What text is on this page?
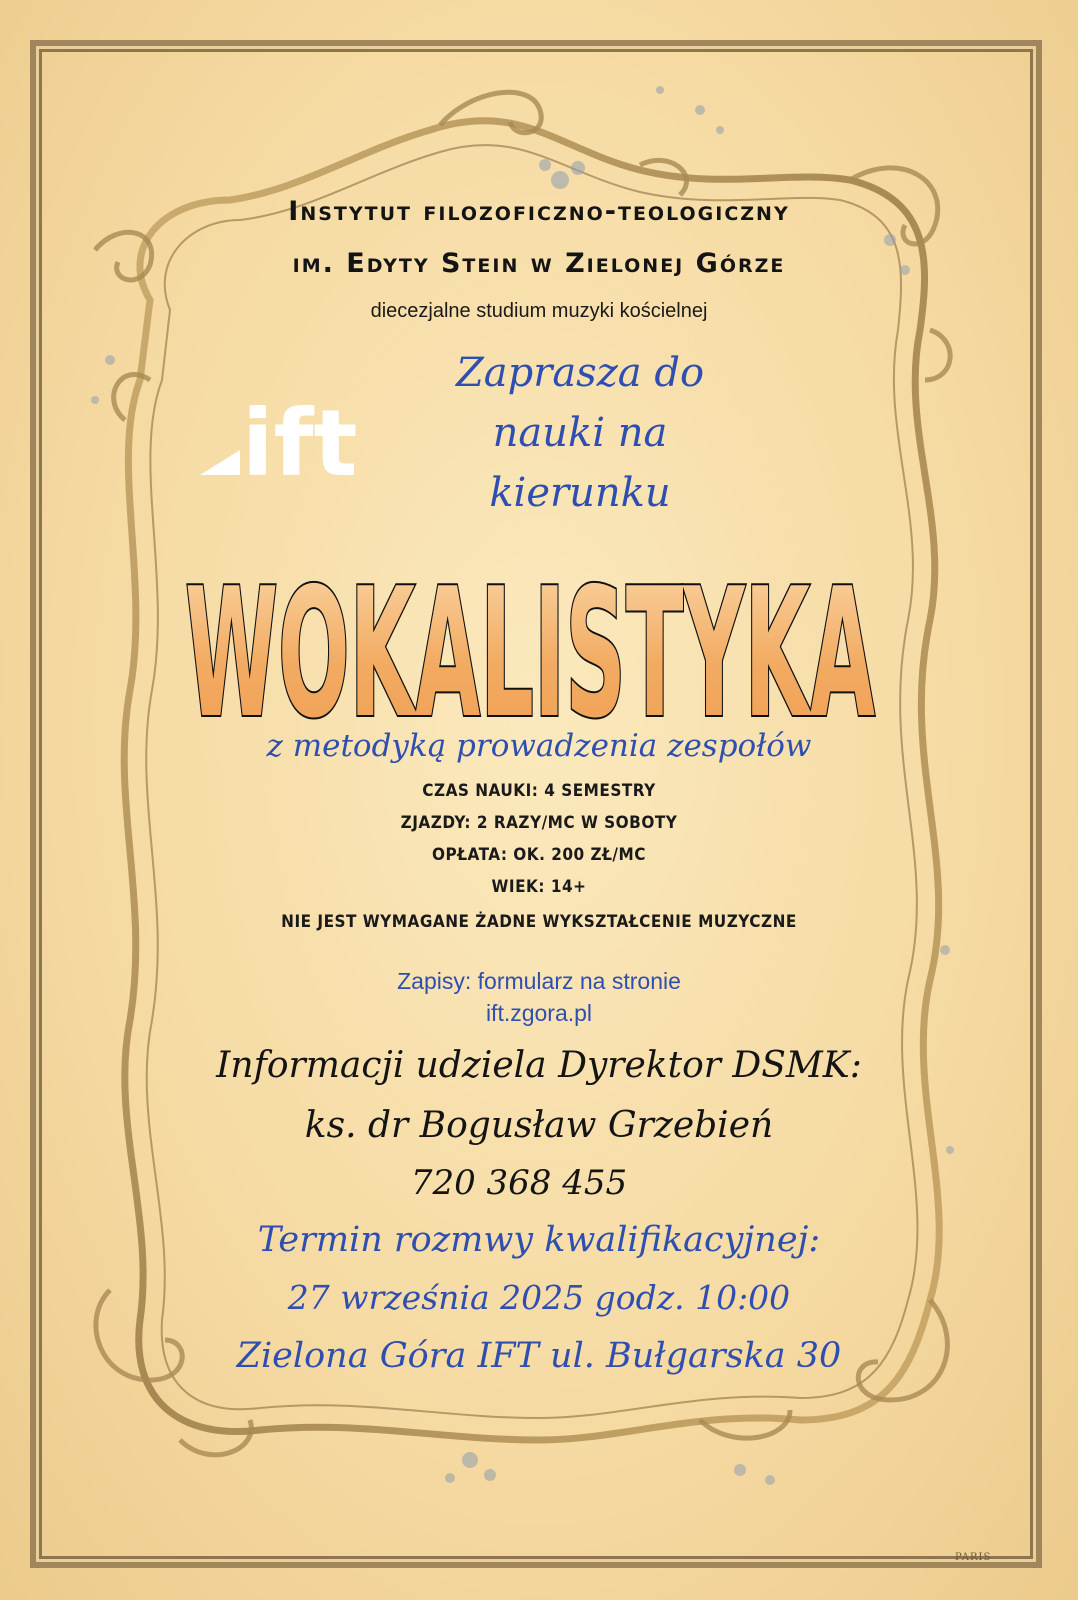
Instytut filozoficzno-teologiczny

im. Edyty Stein w Zielonej Górze

diecezjalne studium muzyki kościelnej

ift

Zaprasza do

nauki na

kierunku

WOKALISTYKA

z metodyką prowadzenia zespołów

CZAS NAUKI: 4 SEMESTRY

ZJAZDY: 2 RAZY/MC W SOBOTY

OPŁATA: OK. 200 ZŁ/MC

WIEK: 14+

NIE JEST WYMAGANE ŻADNE WYKSZTAŁCENIE MUZYCZNE

Zapisy: formularz na stronie

ift.zgora.pl

Informacji udziela Dyrektor DSMK:

ks. dr Bogusław Grzebień

720 368 455

Termin rozmwy kwalifikacyjnej:

27 września 2025 godz. 10:00

Zielona Góra IFT ul. Bułgarska 30

PARIS
